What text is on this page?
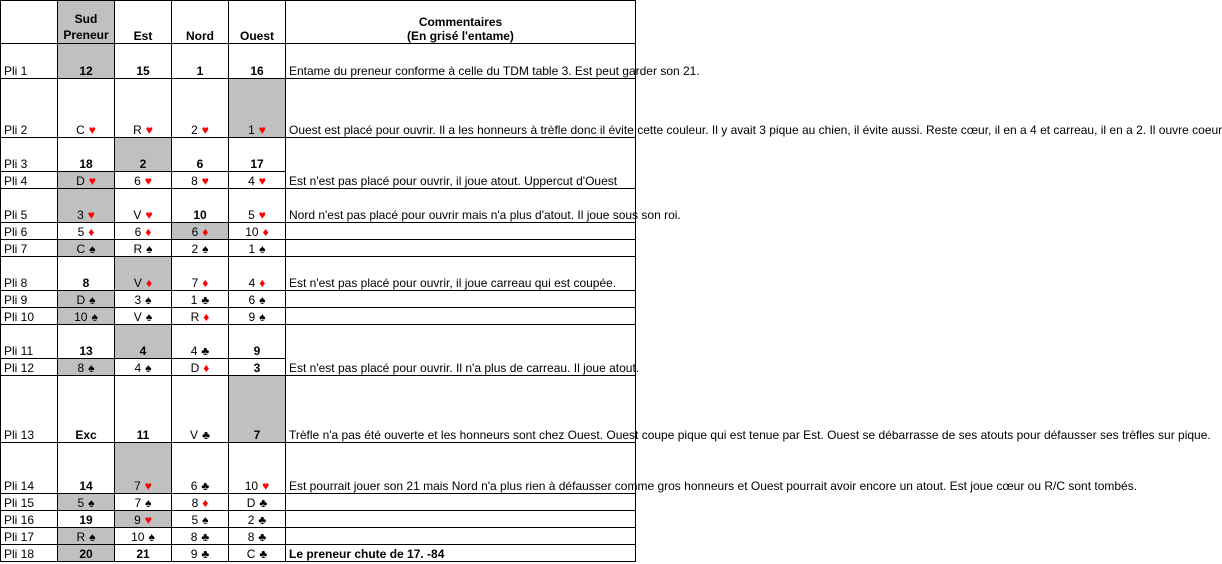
	Sud Preneur	Est	Nord	Ouest	Commentaires
(En grisé l'entame)

Pli 1	12	15	1	16	Entame du preneur conforme à celle du TDM table 3. Est peut garder son 21.
Pli 2	C ♥	R ♥	2 ♥	1 ♥	Ouest est placé pour ouvrir. Il a les honneurs à trèfle donc il évite cette couleur. Il y avait 3 pique au chien, il évite aussi. Reste cœur, il en a 4 et carreau, il en a 2. Il ouvre coeur
Pli 3	18	2	6	17	Est n'est pas placé pour ouvrir, il joue atout. Uppercut d'Ouest
Pli 4	D ♥	6 ♥	8 ♥	4 ♥	
Pli 5	3 ♥	V ♥	10	5 ♥	Nord n'est pas placé pour ouvrir mais n'a plus d'atout. Il joue sous son roi.
Pli 6	5 ♦	6 ♦	6 ♦	10 ♦	
Pli 7	C ♠	R ♠	2 ♠	1 ♠	
Pli 8	8	V ♦	7 ♦	4 ♦	Est n'est pas placé pour ouvrir, il joue carreau qui est coupée.
Pli 9	D ♠	3 ♠	1 ♣	6 ♠	
Pli 10	10 ♠	V ♠	R ♦	9 ♠	
Pli 11	13	4	4 ♣	9	Est n'est pas placé pour ouvrir. Il n'a plus de carreau. Il joue atout.
Pli 12	8 ♠	4 ♠	D ♦	3	
Pli 13	Exc	11	V ♣	7	Trèfle n'a pas été ouverte et les honneurs sont chez Ouest. Ouest coupe pique qui est tenue par Est. Ouest se débarrasse de ses atouts pour défausser ses trèfles sur pique.
Pli 14	14	7 ♥	6 ♣	10 ♥	Est pourrait jouer son 21 mais Nord n'a plus rien à défausser comme gros honneurs et Ouest pourrait avoir encore un atout. Est joue cœur ou R/C sont tombés.
Pli 15	5 ♠	7 ♠	8 ♦	D ♣	
Pli 16	19	9 ♥	5 ♠	2 ♣	
Pli 17	R ♠	10 ♠	8 ♣	8 ♣	
Pli 18	20	21	9 ♣	C ♣	Le preneur chute de 17. -84
